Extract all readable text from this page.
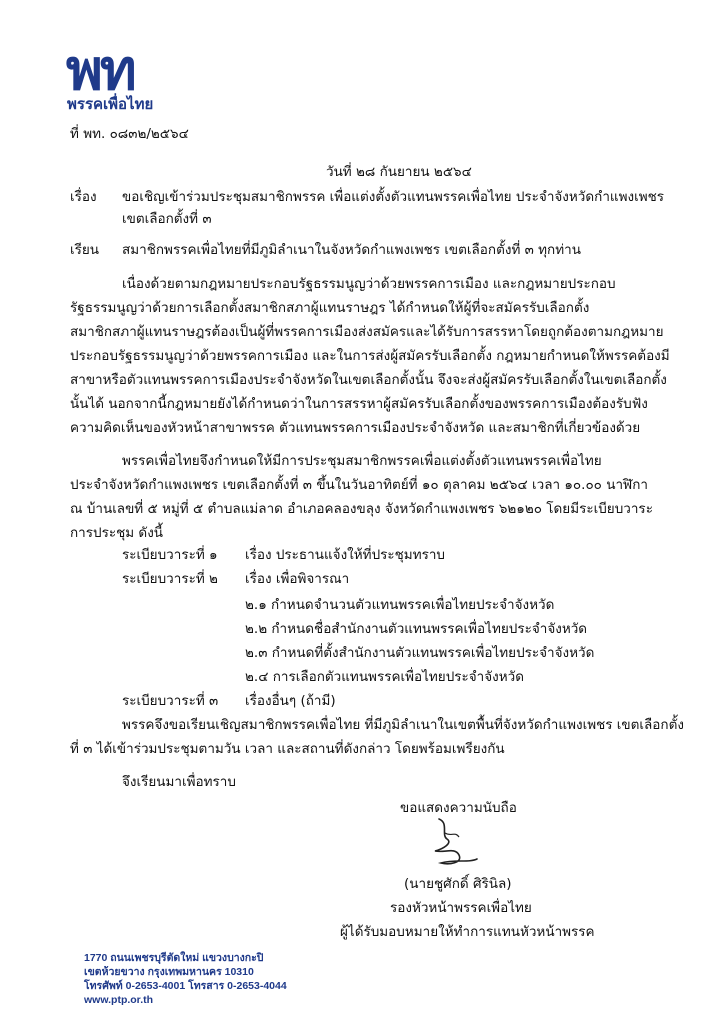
พท
พรรคเพื่อไทย
ที่ พท. ๐๘๓๒/๒๕๖๔
วันที่ ๒๘ กันยายน ๒๕๖๔
เรื่อง ขอเชิญเข้าร่วมประชุมสมาชิกพรรค เพื่อแต่งตั้งตัวแทนพรรคเพื่อไทย ประจำจังหวัดกำแพงเพชร
เขตเลือกตั้งที่ ๓
เรียน สมาชิกพรรคเพื่อไทยที่มีภูมิลำเนาในจังหวัดกำแพงเพชร เขตเลือกตั้งที่ ๓ ทุกท่าน
เนื่องด้วยตามกฎหมายประกอบรัฐธรรมนูญว่าด้วยพรรคการเมือง และกฎหมายประกอบ
รัฐธรรมนูญว่าด้วยการเลือกตั้งสมาชิกสภาผู้แทนราษฎร ได้กำหนดให้ผู้ที่จะสมัครรับเลือกตั้ง
สมาชิกสภาผู้แทนราษฎรต้องเป็นผู้ที่พรรคการเมืองส่งสมัครและได้รับการสรรหาโดยถูกต้องตามกฎหมาย
ประกอบรัฐธรรมนูญว่าด้วยพรรคการเมือง และในการส่งผู้สมัครรับเลือกตั้ง กฎหมายกำหนดให้พรรคต้องมี
สาขาหรือตัวแทนพรรคการเมืองประจำจังหวัดในเขตเลือกตั้งนั้น จึงจะส่งผู้สมัครรับเลือกตั้งในเขตเลือกตั้ง
นั้นได้ นอกจากนี้กฎหมายยังได้กำหนดว่าในการสรรหาผู้สมัครรับเลือกตั้งของพรรคการเมืองต้องรับฟัง
ความคิดเห็นของหัวหน้าสาขาพรรค ตัวแทนพรรคการเมืองประจำจังหวัด และสมาชิกที่เกี่ยวข้องด้วย
พรรคเพื่อไทยจึงกำหนดให้มีการประชุมสมาชิกพรรคเพื่อแต่งตั้งตัวแทนพรรคเพื่อไทย
ประจำจังหวัดกำแพงเพชร เขตเลือกตั้งที่ ๓ ขึ้นในวันอาทิตย์ที่ ๑๐ ตุลาคม ๒๕๖๔ เวลา ๑๐.๐๐ นาฬิกา
ณ บ้านเลขที่ ๕ หมู่ที่ ๕ ตำบลแม่ลาด อำเภอคลองขลุง จังหวัดกำแพงเพชร ๖๒๑๒๐ โดยมีระเบียบวาระ
การประชุม ดังนี้
ระเบียบวาระที่ ๑ เรื่อง ประธานแจ้งให้ที่ประชุมทราบ
ระเบียบวาระที่ ๒ เรื่อง เพื่อพิจารณา
๒.๑ กำหนดจำนวนตัวแทนพรรคเพื่อไทยประจำจังหวัด
๒.๒ กำหนดชื่อสำนักงานตัวแทนพรรคเพื่อไทยประจำจังหวัด
๒.๓ กำหนดที่ตั้งสำนักงานตัวแทนพรรคเพื่อไทยประจำจังหวัด
๒.๔ การเลือกตัวแทนพรรคเพื่อไทยประจำจังหวัด
ระเบียบวาระที่ ๓ เรื่องอื่นๆ (ถ้ามี)
พรรคจึงขอเรียนเชิญสมาชิกพรรคเพื่อไทย ที่มีภูมิลำเนาในเขตพื้นที่จังหวัดกำแพงเพชร เขตเลือกตั้ง
ที่ ๓ ได้เข้าร่วมประชุมตามวัน เวลา และสถานที่ดังกล่าว โดยพร้อมเพรียงกัน
จึงเรียนมาเพื่อทราบ
ขอแสดงความนับถือ
(นายชูศักดิ์ ศิรินิล)
รองหัวหน้าพรรคเพื่อไทย
ผู้ได้รับมอบหมายให้ทำการแทนหัวหน้าพรรค
1770 ถนนเพชรบุรีตัดใหม่ แขวงบางกะปิ
เขตห้วยขวาง กรุงเทพมหานคร 10310
โทรศัพท์ 0-2653-4001 โทรสาร 0-2653-4044
www.ptp.or.th
